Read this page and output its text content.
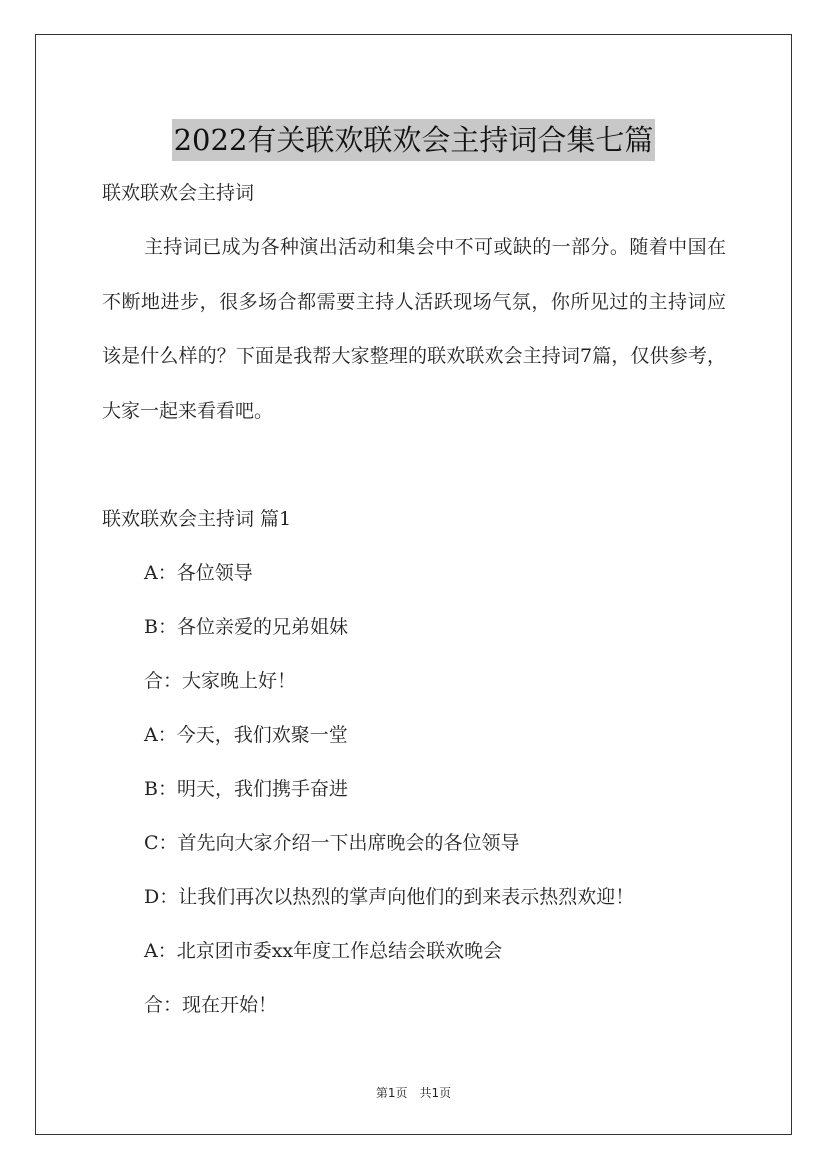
2022有关联欢联欢会主持词合集七篇
联欢联欢会主持词

主持词已成为各种演出活动和集会中不可或缺的一部分。随着中国在不断地进步，很多场合都需要主持人活跃现场气氛，你所见过的主持词应该是什么样的？下面是我帮大家整理的联欢联欢会主持词7篇，仅供参考，大家一起来看看吧。

联欢联欢会主持词 篇1
A：各位领导
B：各位亲爱的兄弟姐妹
合：大家晚上好！
A：今天，我们欢聚一堂
B：明天，我们携手奋进
C：首先向大家介绍一下出席晚会的各位领导
D：让我们再次以热烈的掌声向他们的到来表示热烈欢迎！
A：北京团市委xx年度工作总结会联欢晚会
合：现在开始！
第1页　共1页
